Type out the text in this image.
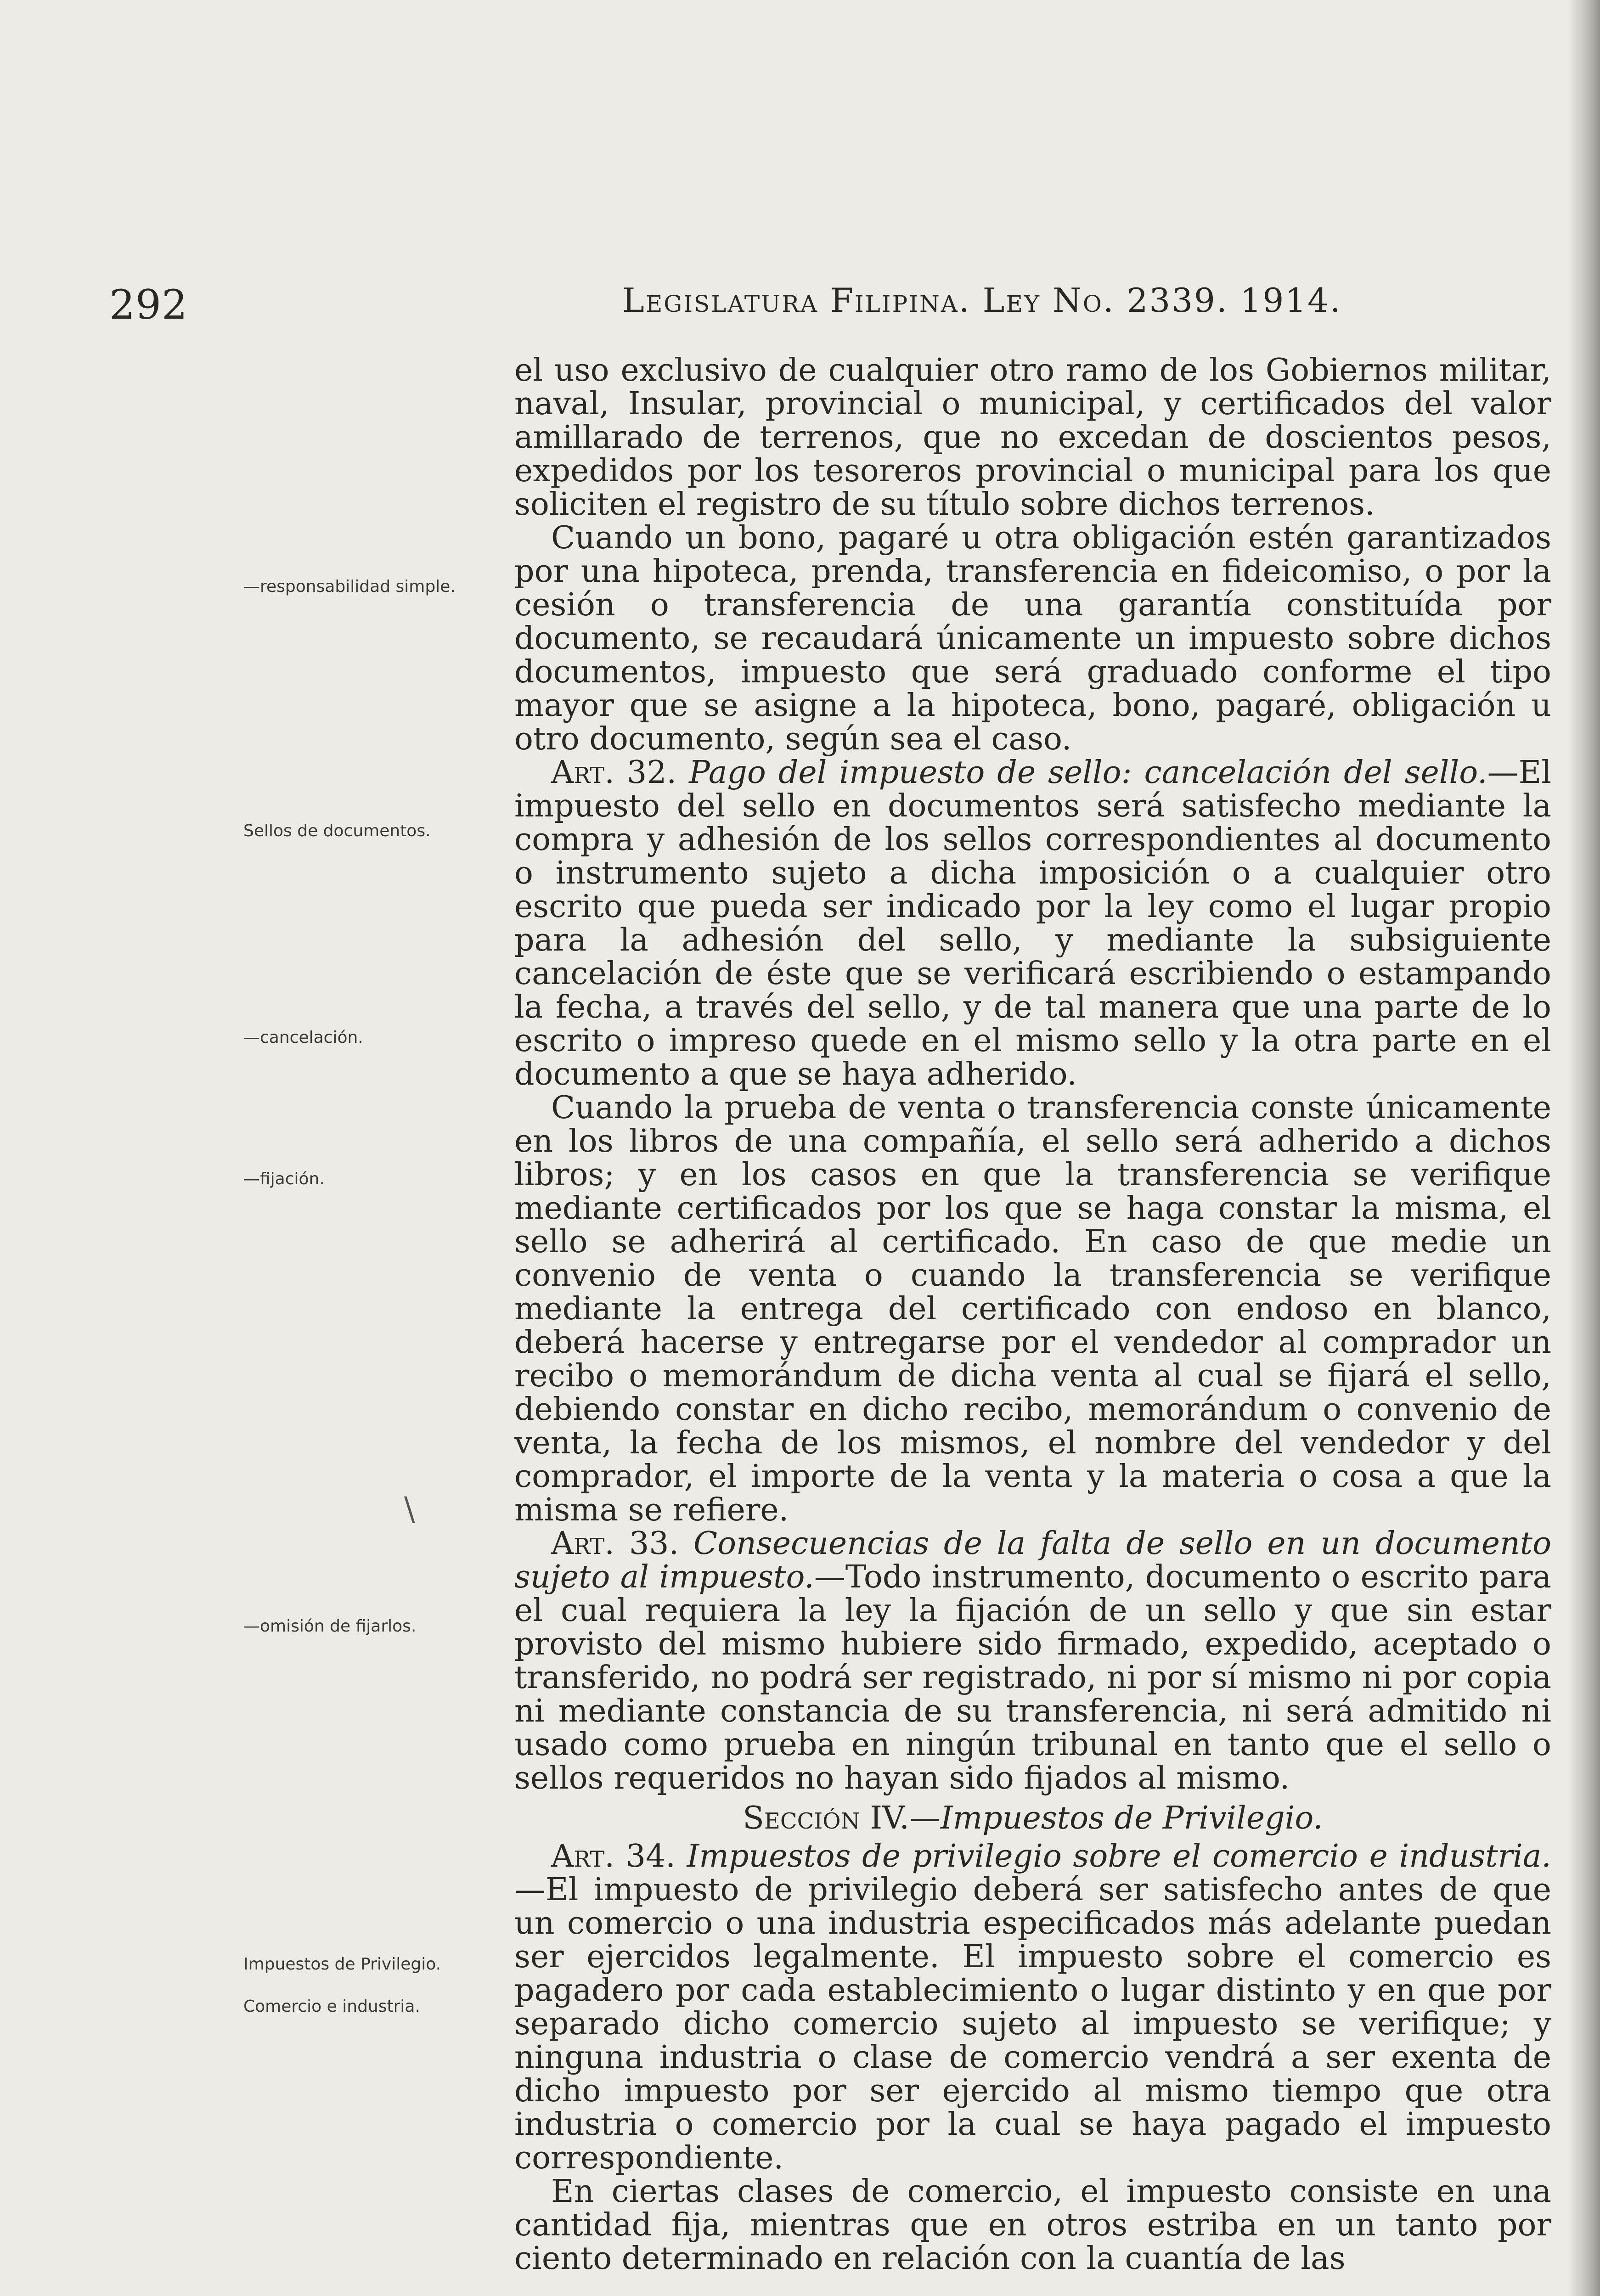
292	Legislatura Filipina. Ley No. 2339. 1914.
—responsabilidad simple.
Sellos de documentos.
—cancelación.
—fijación.
—omisión de fijarlos.
Impuestos de Privilegio.
Comercio e industria.
\

el uso exclusivo de cualquier otro ramo de los Gobiernos militar, naval, Insular, provincial o municipal, y certificados del valor amillarado de terrenos, que no excedan de doscientos pesos, expedidos por los tesoreros provincial o municipal para los que soliciten el registro de su título sobre dichos terrenos.

Cuando un bono, pagaré u otra obligación estén garantizados por una hipoteca, prenda, transferencia en fideicomiso, o por la cesión o transferencia de una garantía constituída por documento, se recaudará únicamente un impuesto sobre dichos documentos, impuesto que será graduado conforme el tipo mayor que se asigne a la hipoteca, bono, pagaré, obligación u otro documento, según sea el caso.

Art. 32. Pago del impuesto de sello: cancelación del sello.—El impuesto del sello en documentos será satisfecho mediante la compra y adhesión de los sellos correspondientes al documento o instrumento sujeto a dicha imposición o a cualquier otro escrito que pueda ser indicado por la ley como el lugar propio para la adhesión del sello, y mediante la subsiguiente cancelación de éste que se verificará escribiendo o estampando la fecha, a través del sello, y de tal manera que una parte de lo escrito o impreso quede en el mismo sello y la otra parte en el documento a que se haya adherido.

Cuando la prueba de venta o transferencia conste únicamente en los libros de una compañía, el sello será adherido a dichos libros; y en los casos en que la transferencia se verifique mediante certificados por los que se haga constar la misma, el sello se adherirá al certificado. En caso de que medie un convenio de venta o cuando la transferencia se verifique mediante la entrega del certificado con endoso en blanco, deberá hacerse y entregarse por el vendedor al comprador un recibo o memorándum de dicha venta al cual se fijará el sello, debiendo constar en dicho recibo, memorándum o convenio de venta, la fecha de los mismos, el nombre del vendedor y del comprador, el importe de la venta y la materia o cosa a que la misma se refiere.

Art. 33. Consecuencias de la falta de sello en un documento sujeto al impuesto.—Todo instrumento, documento o escrito para el cual requiera la ley la fijación de un sello y que sin estar provisto del mismo hubiere sido firmado, expedido, aceptado o transferido, no podrá ser registrado, ni por sí mismo ni por copia ni mediante constancia de su transferencia, ni será admitido ni usado como prueba en ningún tribunal en tanto que el sello o sellos requeridos no hayan sido fijados al mismo.

Sección IV.—Impuestos de Privilegio.

Art. 34. Impuestos de privilegio sobre el comercio e industria.—El impuesto de privilegio deberá ser satisfecho antes de que un comercio o una industria especificados más adelante puedan ser ejercidos legalmente. El impuesto sobre el comercio es pagadero por cada establecimiento o lugar distinto y en que por separado dicho comercio sujeto al impuesto se verifique; y ninguna industria o clase de comercio vendrá a ser exenta de dicho impuesto por ser ejercido al mismo tiempo que otra industria o comercio por la cual se haya pagado el impuesto correspondiente.

En ciertas clases de comercio, el impuesto consiste en una cantidad fija, mientras que en otros estriba en un tanto por ciento determinado en relación con la cuantía de las
